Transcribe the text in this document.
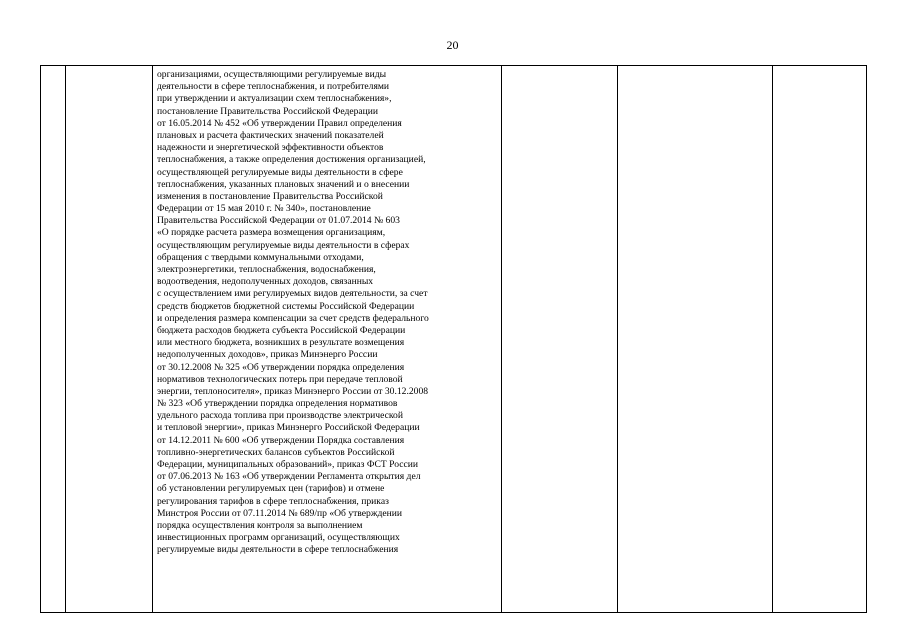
20

организациями, осуществляющими регулируемые виды
деятельности в сфере теплоснабжения, и потребителями
при утверждении и актуализации схем теплоснабжения»,
постановление Правительства Российской Федерации
от 16.05.2014 № 452 «Об утверждении Правил определения
плановых и расчета фактических значений показателей
надежности и энергетической эффективности объектов
теплоснабжения, а также определения достижения организацией,
осуществляющей регулируемые виды деятельности в сфере
теплоснабжения, указанных плановых значений и о внесении
изменения в постановление Правительства Российской
Федерации от 15 мая 2010 г. № 340», постановление
Правительства Российской Федерации от 01.07.2014 № 603
«О порядке расчета размера возмещения организациям,
осуществляющим регулируемые виды деятельности в сферах
обращения с твердыми коммунальными отходами,
электроэнергетики, теплоснабжения, водоснабжения,
водоотведения, недополученных доходов, связанных
с осуществлением ими регулируемых видов деятельности, за счет
средств бюджетов бюджетной системы Российской Федерации
и определения размера компенсации за счет средств федерального
бюджета расходов бюджета субъекта Российской Федерации
или местного бюджета, возникших в результате возмещения
недополученных доходов», приказ Минэнерго России
от 30.12.2008 № 325 «Об утверждении порядка определения
нормативов технологических потерь при передаче тепловой
энергии, теплоносителя», приказ Минэнерго России от 30.12.2008
№ 323 «Об утверждении порядка определения нормативов
удельного расхода топлива при производстве электрической
и тепловой энергии», приказ Минэнерго Российской Федерации
от 14.12.2011 № 600 «Об утверждении Порядка составления
топливно-энергетических балансов субъектов Российской
Федерации, муниципальных образований», приказ ФСТ России
от 07.06.2013 № 163 «Об утверждении Регламента открытия дел
об установлении регулируемых цен (тарифов) и отмене
регулирования тарифов в сфере теплоснабжения, приказ
Минстроя России от 07.11.2014 № 689/пр «Об утверждении
порядка осуществления контроля за выполнением
инвестиционных программ организаций, осуществляющих
регулируемые виды деятельности в сфере теплоснабжения
